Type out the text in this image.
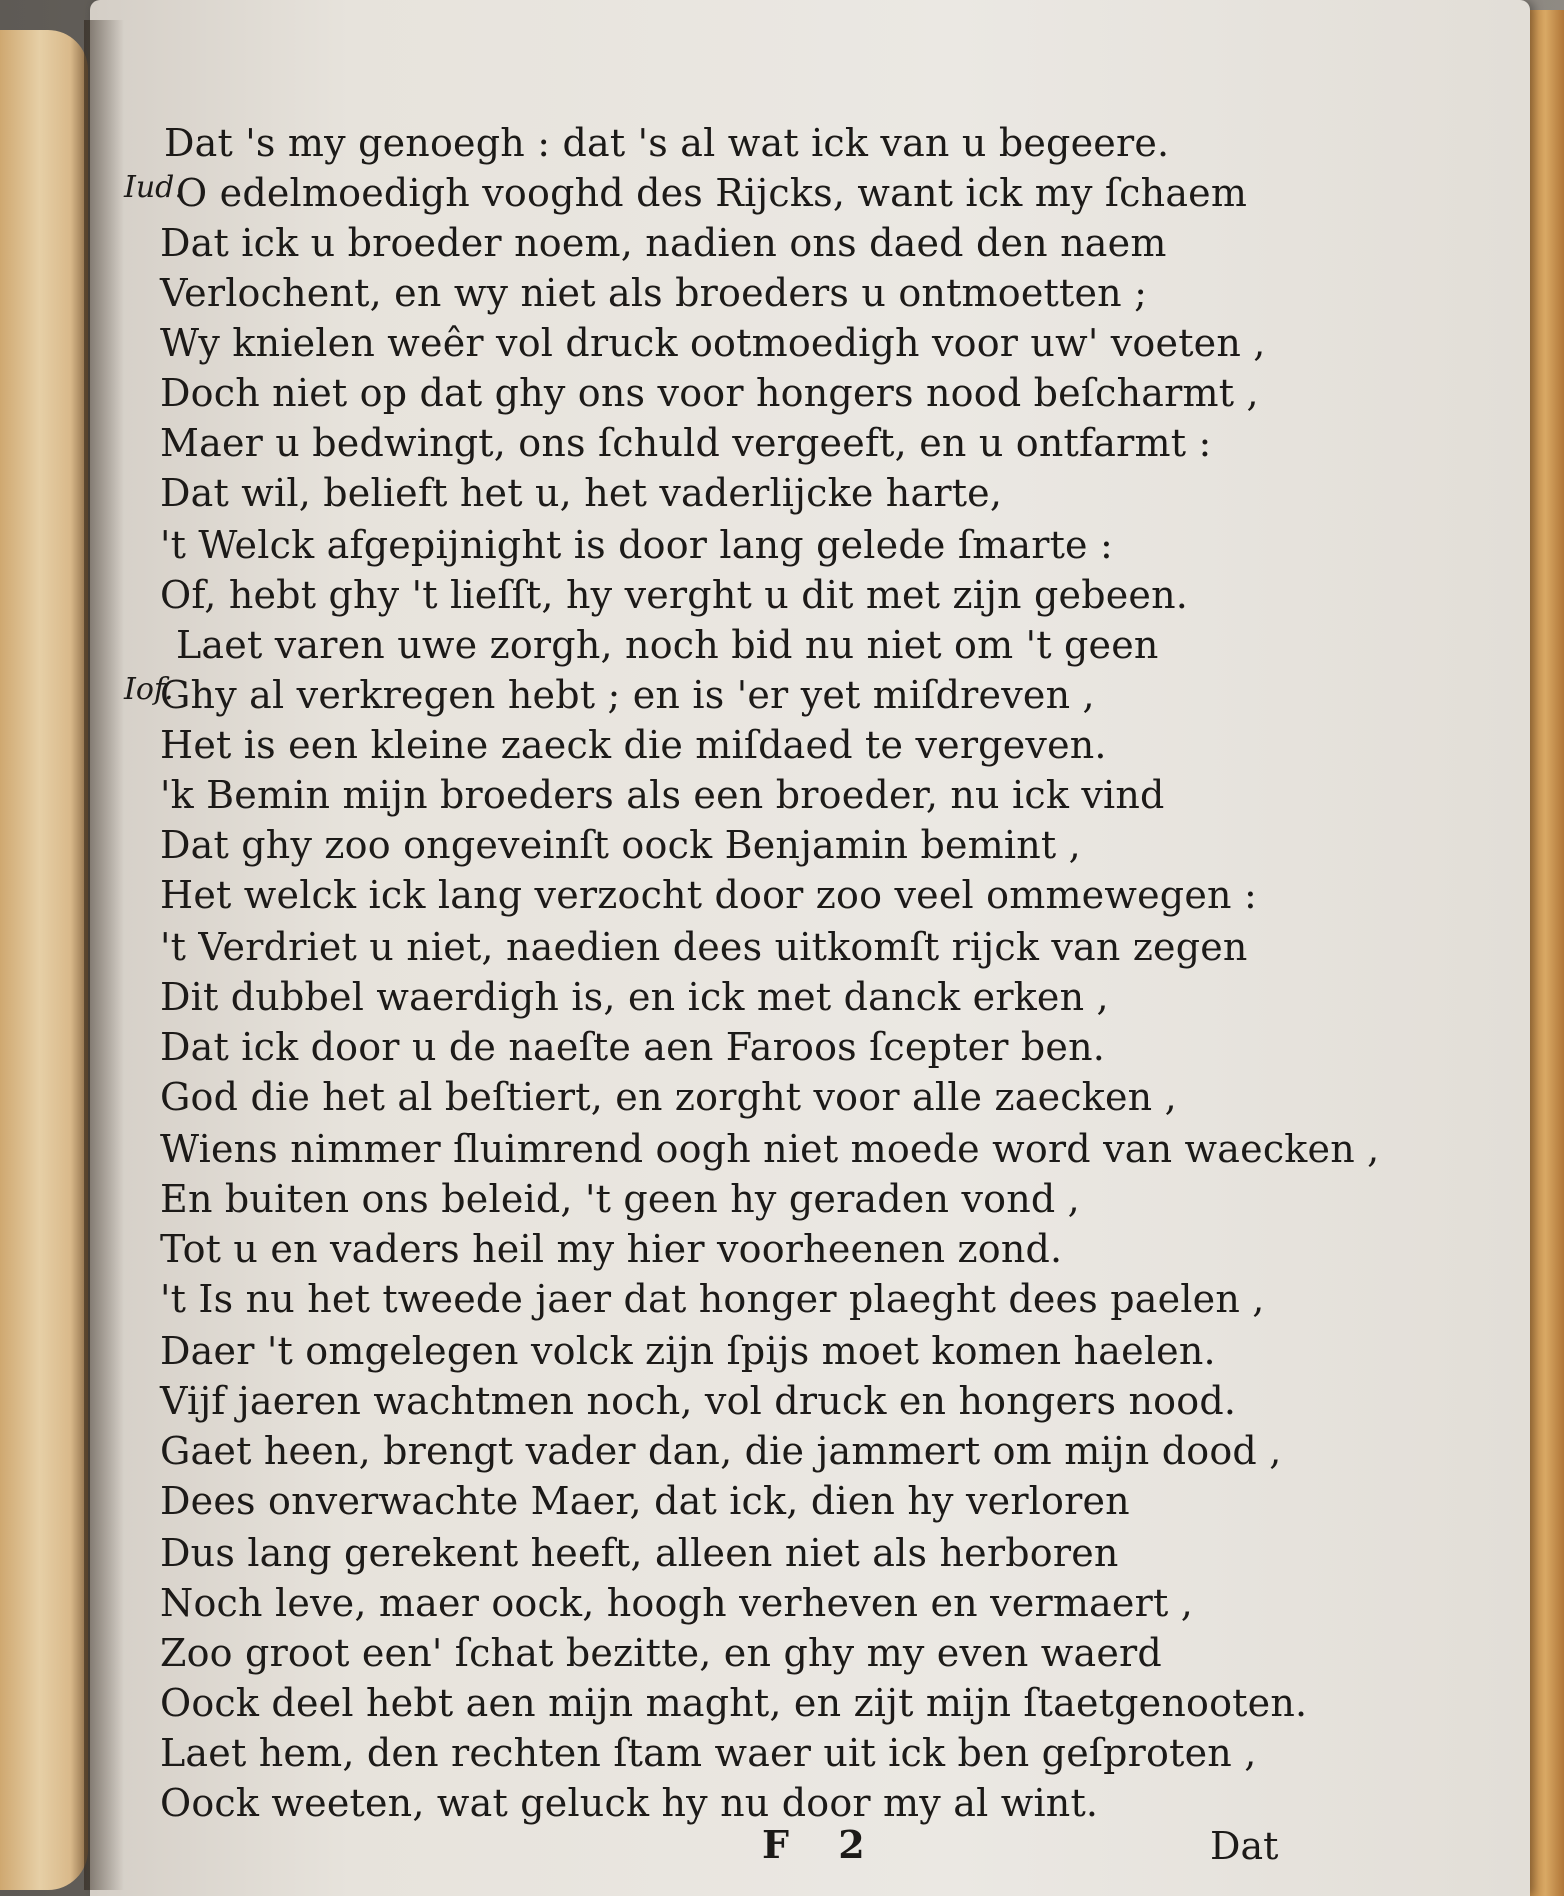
Iud.
Iof.
Dat 's my genoegh : dat 's al wat ick van u begeere.
O edelmoedigh vooghd des Rijcks, want ick my ſchaem
Dat ick u broeder noem, nadien ons daed den naem
Verlochent, en wy niet als broeders u ontmoetten ;
Wy knielen weêr vol druck ootmoedigh voor uw' voeten ,
Doch niet op dat ghy ons voor hongers nood beſcharmt ,
Maer u bedwingt, ons ſchuld vergeeft, en u ontfarmt :
Dat wil, belieft het u, het vaderlijcke harte,
't Welck afgepijnight is door lang gelede ſmarte :
Of, hebt ghy 't lieſſt, hy verght u dit met zijn gebeen.
Laet varen uwe zorgh, noch bid nu niet om 't geen
Ghy al verkregen hebt ; en is 'er yet miſdreven ,
Het is een kleine zaeck die miſdaed te vergeven.
'k Bemin mijn broeders als een broeder, nu ick vind
Dat ghy zoo ongeveinſt oock Benjamin bemint ,
Het welck ick lang verzocht door zoo veel ommewegen :
't Verdriet u niet, naedien dees uitkomſt rijck van zegen
Dit dubbel waerdigh is, en ick met danck erken ,
Dat ick door u de naeſte aen Faroos ſcepter ben.
God die het al beſtiert, en zorght voor alle zaecken ,
Wiens nimmer ſluimrend oogh niet moede word van waecken ,
En buiten ons beleid, 't geen hy geraden vond ,
Tot u en vaders heil my hier voorheenen zond.
't Is nu het tweede jaer dat honger plaeght dees paelen ,
Daer 't omgelegen volck zijn ſpijs moet komen haelen.
Vijf jaeren wachtmen noch, vol druck en hongers nood.
Gaet heen, brengt vader dan, die jammert om mijn dood ,
Dees onverwachte Maer, dat ick, dien hy verloren
Dus lang gerekent heeft, alleen niet als herboren
Noch leve, maer oock, hoogh verheven en vermaert ,
Zoo groot een' ſchat bezitte, en ghy my even waerd
Oock deel hebt aen mijn maght, en zijt mijn ſtaetgenooten.
Laet hem, den rechten ſtam waer uit ick ben geſproten ,
Oock weeten, wat geluck hy nu door my al wint.
F 2	Dat
